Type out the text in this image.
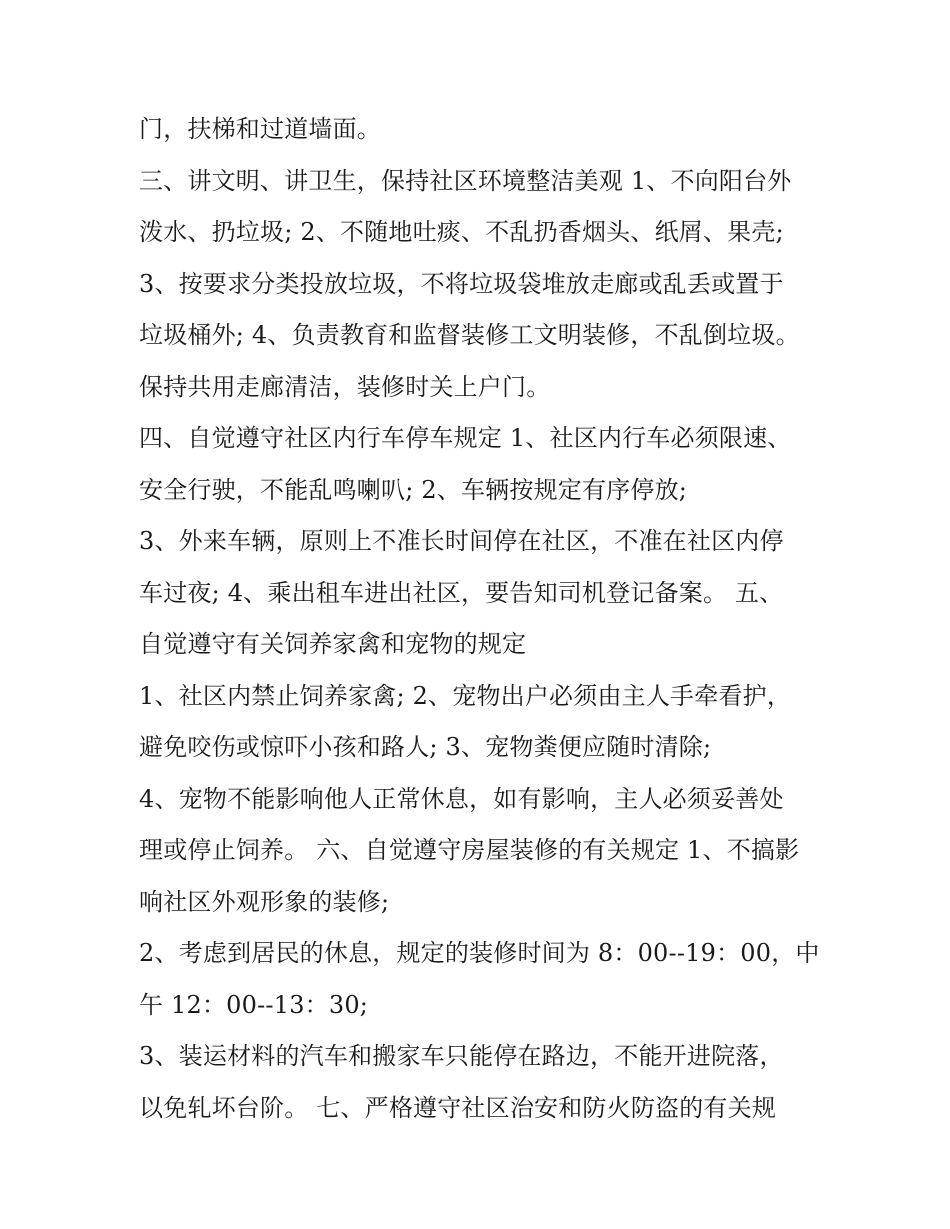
门，扶梯和过道墙面。
三、讲文明、讲卫生，保持社区环境整洁美观 1、不向阳台外
泼水、扔垃圾; 2、不随地吐痰、不乱扔香烟头、纸屑、果壳;
3、按要求分类投放垃圾，不将垃圾袋堆放走廊或乱丢或置于
垃圾桶外; 4、负责教育和监督装修工文明装修，不乱倒垃圾。
保持共用走廊清洁，装修时关上户门。
四、自觉遵守社区内行车停车规定 1、社区内行车必须限速、
安全行驶，不能乱鸣喇叭; 2、车辆按规定有序停放;
3、外来车辆，原则上不准长时间停在社区，不准在社区内停
车过夜; 4、乘出租车进出社区，要告知司机登记备案。 五、
自觉遵守有关饲养家禽和宠物的规定
1、社区内禁止饲养家禽; 2、宠物出户必须由主人手牵看护，
避免咬伤或惊吓小孩和路人; 3、宠物粪便应随时清除;
4、宠物不能影响他人正常休息，如有影响，主人必须妥善处
理或停止饲养。 六、自觉遵守房屋装修的有关规定 1、不搞影
响社区外观形象的装修;
2、考虑到居民的休息，规定的装修时间为 8：00--19：00，中
午 12：00--13：30;
3、装运材料的汽车和搬家车只能停在路边，不能开进院落，
以免轧坏台阶。 七、严格遵守社区治安和防火防盗的有关规
